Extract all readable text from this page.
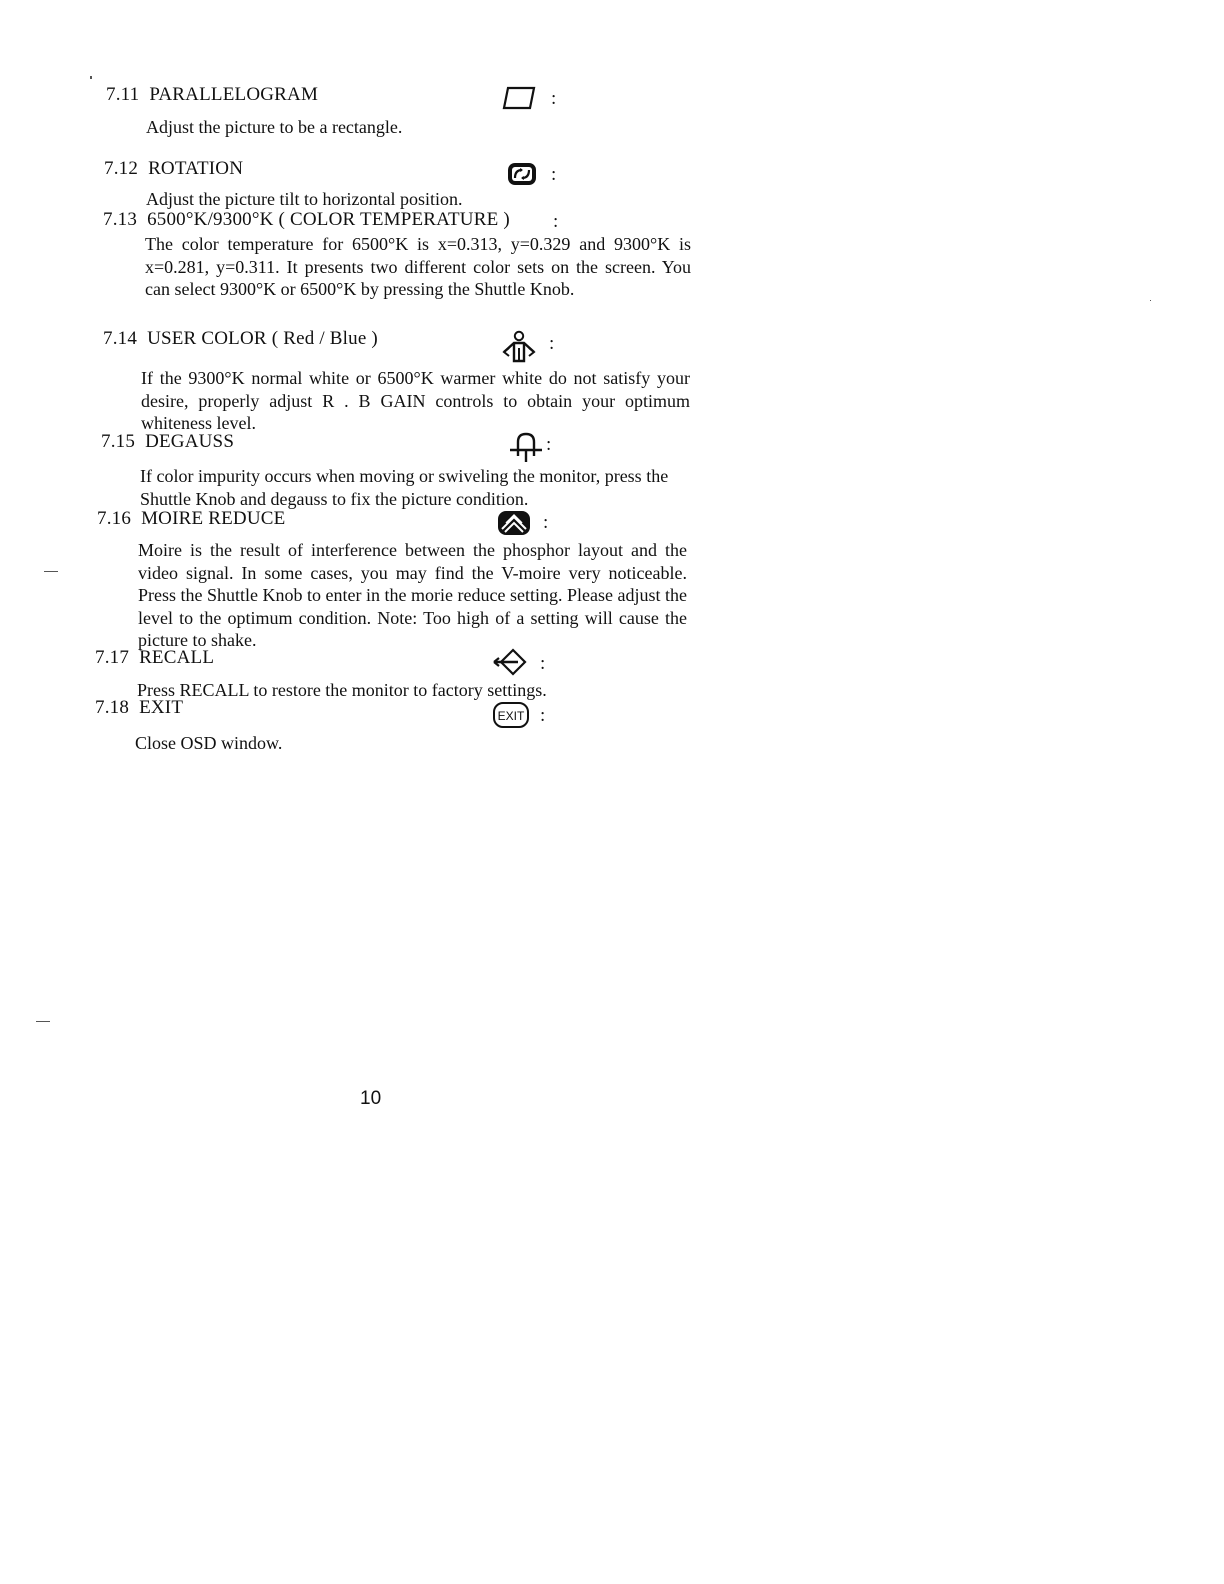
7.11 PARALLELOGRAM	:
Adjust the picture to be a rectangle.
7.12 ROTATION	:
Adjust the picture tilt to horizontal position.
7.13 6500°K/9300°K ( COLOR TEMPERATURE ) :
The color temperature for 6500°K is x=0.313, y=0.329 and 9300°K is x=0.281, y=0.311. It presents two different color sets on the screen. You can select 9300°K or 6500°K by pressing the Shuttle Knob.
7.14 USER COLOR ( Red / Blue )	:
If the 9300°K normal white or 6500°K warmer white do not satisfy your desire, properly adjust R . B GAIN controls to obtain your optimum whiteness level.
7.15 DEGAUSS	:
If color impurity occurs when moving or swiveling the monitor, press the Shuttle Knob and degauss to fix the picture condition.
7.16 MOIRE REDUCE	:
Moire is the result of interference between the phosphor layout and the video signal. In some cases, you may find the V-moire very noticeable. Press the Shuttle Knob to enter in the morie reduce setting. Please adjust the level to the optimum condition. Note: Too high of a setting will cause the picture to shake.
7.17 RECALL	:
Press RECALL to restore the monitor to factory settings.
7.18 EXIT	EXIT :
Close OSD window.
10
